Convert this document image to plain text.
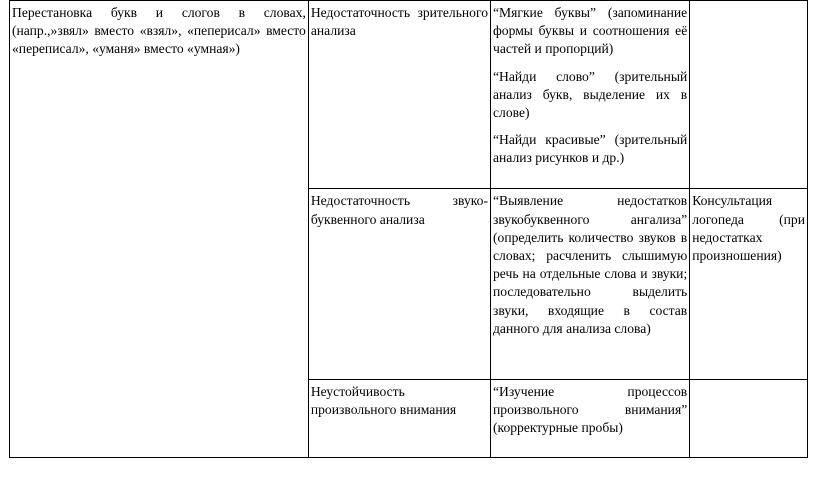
Перестановка букв и слогов в словах, (напр.,»звял» вместо «взял», «пеперисал» вместо «переписал», «уманя» вместо «умная»)	Недостаточность зрительного анализа	“Мягкие буквы” (запоминание формы буквы и соотношения её частей и пропорций)
“Найди слово” (зрительный анализ букв, выделение их в слове)
“Найди красивые” (зрительный анализ рисунков и др.)	

	Недостаточность звуко-буквенного анализа	“Выявление недостатков звукобуквенного ангализа” (определить количество звуков в словах; расчленить слышимую речь на отдельные слова и звуки; последовательно выделить звуки, входящие в состав данного для анализа слова)	Консультация логопеда (при недостатках произношения)

	Неустойчивость произвольного внимания	“Изучение процессов произвольного внимания” (корректурные пробы)	
